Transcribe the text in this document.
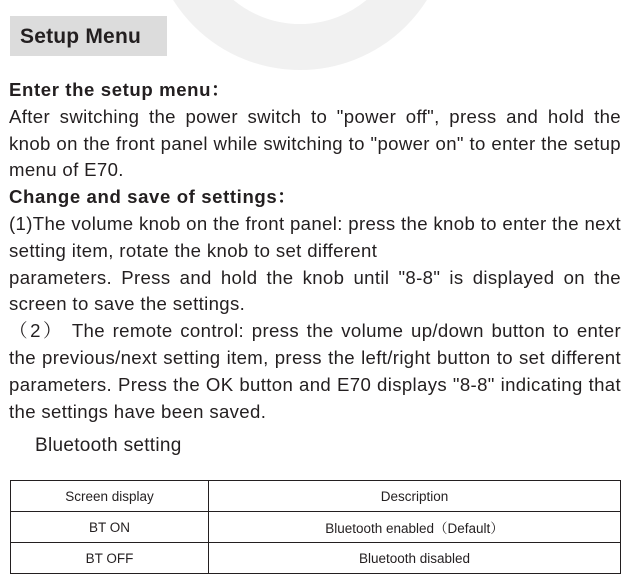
Setup Menu

Enter the setup menu：

After switching the power switch to "power off", press and hold the knob on the front panel while switching to "power on" to enter the setup menu of E70.

Change and save of settings：

(1)The volume knob on the front panel: press the knob to enter the next setting item, rotate the knob to set different

parameters. Press and hold the knob until "8-8" is displayed on the screen to save the settings.

（2） The remote control: press the volume up/down button to enter the previous/next setting item, press the left/right button to set different parameters. Press the OK button and E70 displays "8-8" indicating that the settings have been saved.

Bluetooth setting
Screen display	Description
BT ON	Bluetooth enabled（Default）
BT OFF	Bluetooth disabled
